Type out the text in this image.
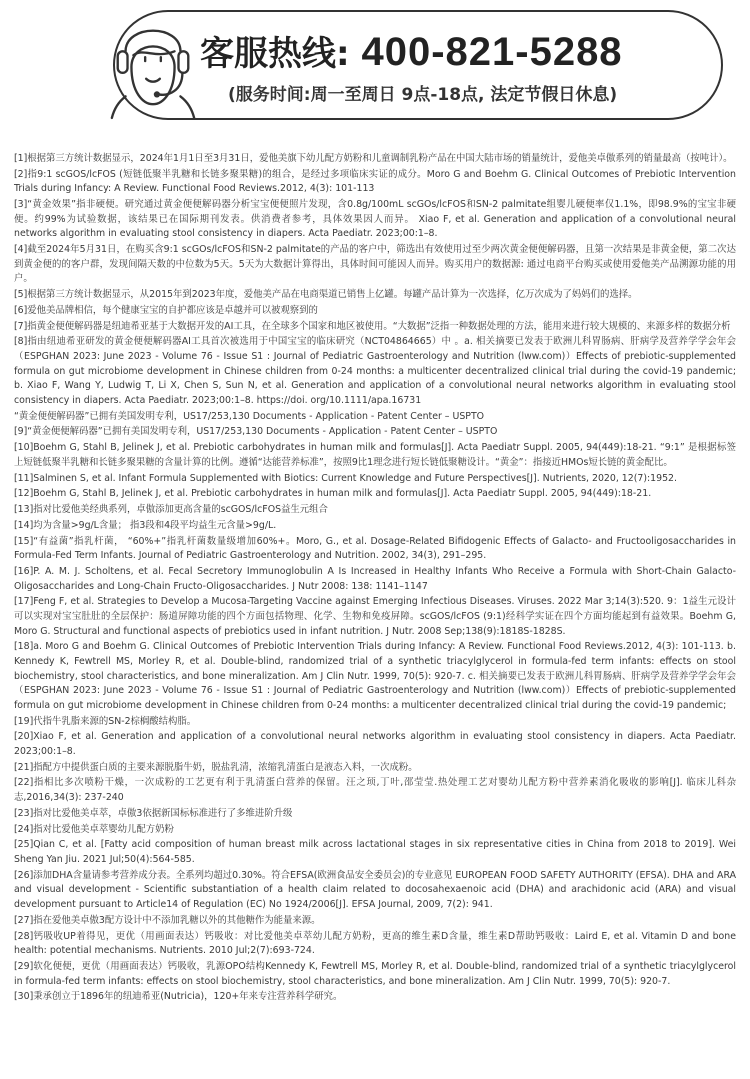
客服热线: 400-821-5288
(服务时间:周一至周日 9点-18点, 法定节假日休息)

[1]根据第三方统计数据显示，2024年1月1日至3月31日，爱他美旗下幼儿配方奶粉和儿童调制乳粉产品在中国大陆市场的销量统计，爱他美卓傲系列的销量最高（按吨计）。

[2]指9:1 scGOS/lcFOS (短链低聚半乳糖和长链多聚果糖)的组合，是经过多项临床实证的成分。Moro G and Boehm G. Clinical Outcomes of Prebiotic Intervention Trials during Infancy: A Review. Functional Food Reviews.2012, 4(3): 101-113

[3]“黄金效果”指非硬便。研究通过黄金便便解码器分析宝宝便便照片发现，含0.8g/100mL scGOs/lcFOS和SN-2 palmitate组婴儿硬便率仅1.1%，即98.9%的宝宝非硬便。约99%为试验数据，该结果已在国际期刊发表。供消费者参考，具体效果因人而异。 Xiao F, et al. Generation and application of a convolutional neural networks algorithm in evaluating stool consistency in diapers. Acta Paediatr. 2023;00:1–8.

[4]截至2024年5月31日，在购买含9:1 scGOs/lcFOS和SN-2 palmitate的产品的客户中，筛选出有效使用过至少两次黄金便便解码器，且第一次结果是非黄金便，第二次达到黄金便的的客户群，发现间隔天数的中位数为5天。5天为大数据计算得出，具体时间可能因人而异。购买用户的数据源: 通过电商平台购买或使用爱他美产品溯源功能的用户。

[5]根据第三方统计数据显示，从2015年到2023年度，爱他美产品在电商渠道已销售上亿罐。每罐产品计算为一次选择，亿万次成为了妈妈们的选择。

[6]爱他美品牌相信，每个健康宝宝的自护都应该是卓越并可以被观察到的

[7]指黄金便便解码器是纽迪希亚基于大数据开发的AI工具，在全球多个国家和地区被使用。“大数据”泛指一种数据处理的方法，能用来进行较大规模的、来源多样的数据分析

[8]指由纽迪希亚研发的黄金便便解码器AI工具首次被选用于中国宝宝的临床研究（NCT04864665）中 。a. 相关摘要已发表于欧洲儿科胃肠病、肝病学及营养学学会年会（ESPGHAN 2023: June 2023 - Volume 76 - Issue S1 : Journal of Pediatric Gastroenterology and Nutrition (lww.com)）Effects of prebiotic-supplemented formula on gut microbiome development in Chinese children from 0-24 months: a multicenter decentralized clinical trial during the covid-19 pandemic; b. Xiao F, Wang Y, Ludwig T, Li X, Chen S, Sun N, et al. Generation and application of a convolutional neural networks algorithm in evaluating stool consistency in diapers. Acta Paediatr. 2023;00:1–8. https://doi. org/10.1111/apa.16731

“黄金便便解码器”已拥有美国发明专利，US17/253,130 Documents - Application - Patent Center – USPTO

[9]“黄金便便解码器”已拥有美国发明专利，US17/253,130 Documents - Application - Patent Center – USPTO

[10]Boehm G, Stahl B, Jelinek J, et al. Prebiotic carbohydrates in human milk and formulas[J]. Acta Paediatr Suppl. 2005, 94(449):18-21. “9:1” 是根据标签上短链低聚半乳糖和长链多聚果糖的含量计算的比例。遵循“达能营养标准”，按照9比1理念进行短长链低聚糖设计。“黄金”：指接近HMOs短长链的黄金配比。

[11]Salminen S, et al. Infant Formula Supplemented with Biotics: Current Knowledge and Future Perspectives[J]. Nutrients, 2020, 12(7):1952.

[12]Boehm G, Stahl B, Jelinek J, et al. Prebiotic carbohydrates in human milk and formulas[J]. Acta Paediatr Suppl. 2005, 94(449):18-21.

[13]指对比爱他美经典系列，卓傲添加更高含量的scGOS/lcFOS益生元组合

[14]均为含量>9g/L含量； 指3段和4段平均益生元含量>9g/L.

[15]“有益菌”指乳杆菌， “60%+”指乳杆菌数量级增加60%+。Moro, G., et al. Dosage-Related Bifidogenic Effects of Galacto- and Fructooligosaccharides in Formula-Fed Term Infants. Journal of Pediatric Gastroenterology and Nutrition. 2002, 34(3), 291–295.

[16]P. A. M. J. Scholtens, et al. Fecal Secretory Immunoglobulin A Is Increased in Healthy Infants Who Receive a Formula with Short-Chain Galacto-Oligosaccharides and Long-Chain Fructo-Oligosaccharides. J Nutr 2008: 138: 1141–1147

[17]Feng F, et al. Strategies to Develop a Mucosa-Targeting Vaccine against Emerging Infectious Diseases. Viruses. 2022 Mar 3;14(3):520. 9：1益生元设计可以实现对宝宝肚肚的全层保护：肠道屏障功能的四个方面包括物理、化学、生物和免疫屏障。scGOS/lcFOS (9:1)经科学实证在四个方面均能起到有益效果。Boehm G, Moro G. Structural and functional aspects of prebiotics used in infant nutrition. J Nutr. 2008 Sep;138(9):1818S-1828S.

[18]a. Moro G and Boehm G. Clinical Outcomes of Prebiotic Intervention Trials during Infancy: A Review. Functional Food Reviews.2012, 4(3): 101-113. b. Kennedy K, Fewtrell MS, Morley R, et al. Double-blind, randomized trial of a synthetic triacylglycerol in formula-fed term infants: effects on stool biochemistry, stool characteristics, and bone mineralization. Am J Clin Nutr. 1999, 70(5): 920-7. c. 相关摘要已发表于欧洲儿科胃肠病、肝病学及营养学学会年会（ESPGHAN 2023: June 2023 - Volume 76 - Issue S1 : Journal of Pediatric Gastroenterology and Nutrition (lww.com)）Effects of prebiotic-supplemented formula on gut microbiome development in Chinese children from 0-24 months: a multicenter decentralized clinical trial during the covid-19 pandemic;

[19]代指牛乳脂来源的SN-2棕榈酸结构脂。

[20]Xiao F, et al. Generation and application of a convolutional neural networks algorithm in evaluating stool consistency in diapers. Acta Paediatr. 2023;00:1–8.

[21]指配方中提供蛋白质的主要来源脱脂牛奶，脱盐乳清，浓缩乳清蛋白是液态入料，一次成粉。

[22]指相比多次喷粉干燥，一次成粉的工艺更有利于乳清蛋白营养的保留。汪之顼,丁叶,邵莹莹.热处理工艺对婴幼儿配方粉中营养素消化吸收的影响[J]. 临床儿科杂志,2016,34(3): 237-240

[23]指对比爱他美卓萃，卓傲3依据新国标标准进行了多维进阶升级

[24]指对比爱他美卓萃婴幼儿配方奶粉

[25]Qian C, et al. [Fatty acid composition of human breast milk across lactational stages in six representative cities in China from 2018 to 2019]. Wei Sheng Yan Jiu. 2021 Jul;50(4):564-585.

[26]添加DHA含量请参考营养成分表。全系列均超过0.30%。符合EFSA(欧洲食品安全委员会)的专业意见 EUROPEAN FOOD SAFETY AUTHORITY (EFSA). DHA and ARA and visual development - Scientific substantiation of a health claim related to docosahexaenoic acid (DHA) and arachidonic acid (ARA) and visual development pursuant to Article14 of Regulation (EC) No 1924/2006[J]. EFSA Journal, 2009, 7(2): 941.

[27]指在爱他美卓傲3配方设计中不添加乳糖以外的其他糖作为能量来源。

[28]钙吸收UP着得见，更优（用画面表达）钙吸收：对比爱他美卓萃幼儿配方奶粉，更高的维生素D含量，维生素D帮助钙吸收：Laird E, et al. Vitamin D and bone health: potential mechanisms. Nutrients. 2010 Jul;2(7):693-724.

[29]软化便便，更优（用画面表达）钙吸收，乳源OPO结构Kennedy K, Fewtrell MS, Morley R, et al. Double-blind, randomized trial of a synthetic triacylglycerol in formula-fed term infants: effects on stool biochemistry, stool characteristics, and bone mineralization. Am J Clin Nutr. 1999, 70(5): 920-7.

[30]秉承创立于1896年的纽迪希亚(Nutricia)，120+年来专注营养科学研究。
